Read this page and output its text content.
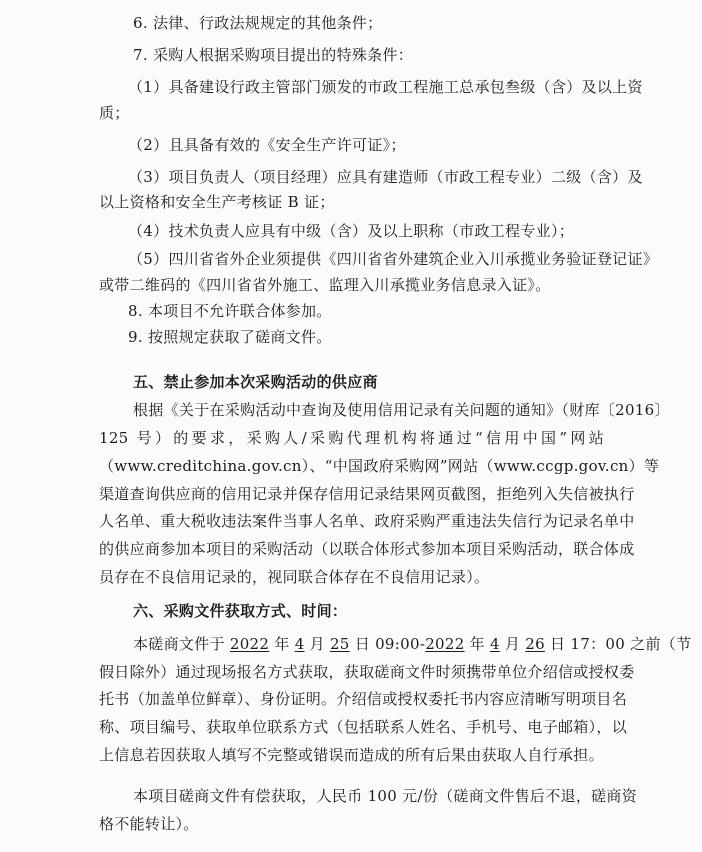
6. 法律、行政法规规定的其他条件；
7. 采购人根据采购项目提出的特殊条件：
（1）具备建设行政主管部门颁发的市政工程施工总承包叁级（含）及以上资
质；
（2）且具备有效的《安全生产许可证》；
（3）项目负责人（项目经理）应具有建造师（市政工程专业）二级（含）及
以上资格和安全生产考核证 B 证；
（4）技术负责人应具有中级（含）及以上职称（市政工程专业）；
（5）四川省省外企业须提供《四川省省外建筑企业入川承揽业务验证登记证》
或带二维码的《四川省省外施工、监理入川承揽业务信息录入证》。
8. 本项目不允许联合体参加。
9. 按照规定获取了磋商文件。
五、禁止参加本次采购活动的供应商
根据《关于在采购活动中查询及使用信用记录有关问题的通知》（财库〔2016〕
125 号）的要求，采购人/采购代理机构将通过“信用中国”网站
（www.creditchina.gov.cn）、“中国政府采购网”网站（www.ccgp.gov.cn）等
渠道查询供应商的信用记录并保存信用记录结果网页截图，拒绝列入失信被执行
人名单、重大税收违法案件当事人名单、政府采购严重违法失信行为记录名单中
的供应商参加本项目的采购活动（以联合体形式参加本项目采购活动，联合体成
员存在不良信用记录的，视同联合体存在不良信用记录）。
六、采购文件获取方式、时间：
本磋商文件于 2022 年 4 月 25 日 09:00-2022 年 4 月 26 日 17：00 之前（节
假日除外）通过现场报名方式获取，获取磋商文件时须携带单位介绍信或授权委
托书（加盖单位鲜章）、身份证明。介绍信或授权委托书内容应清晰写明项目名
称、项目编号、获取单位联系方式（包括联系人姓名、手机号、电子邮箱），以
上信息若因获取人填写不完整或错误而造成的所有后果由获取人自行承担。
本项目磋商文件有偿获取，人民币 100 元/份（磋商文件售后不退，磋商资
格不能转让）。
